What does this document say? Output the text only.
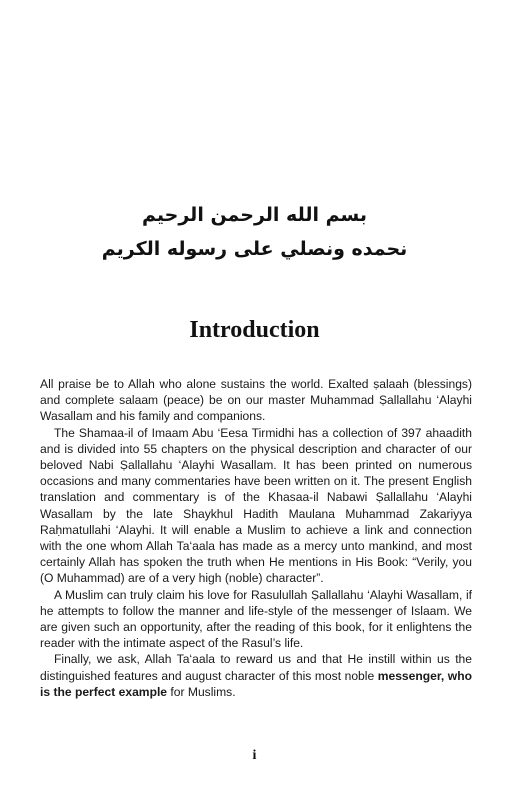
بسم الله الرحمن الرحيم
نحمده ونصلي على رسوله الكريم
Introduction

All praise be to Allah who alone sustains the world. Exalted ṣalaah (blessings) and complete salaam (peace) be on our master Muhammad Ṣallallahu ‘Alayhi Wasallam and his family and companions.

The Shamaa-il of Imaam Abu ‘Eesa Tirmidhi has a collection of 397 ahaadith and is divided into 55 chapters on the physical description and character of our beloved Nabi Ṣallallahu ‘Alayhi Wasallam. It has been printed on numerous occasions and many commentaries have been written on it. The present English translation and commentary is of the Khasaa-il Nabawi Ṣallallahu ‘Alayhi Wasallam by the late Shaykhul Hadith Maulana Muhammad Zakariyya Raḥmatullahi ‘Alayhi. It will enable a Muslim to achieve a link and connection with the one whom Allah Ta‘aala has made as a mercy unto mankind, and most certainly Allah has spoken the truth when He mentions in His Book: “Verily, you (O Muhammad) are of a very high (noble) character”.

A Muslim can truly claim his love for Rasulullah Ṣallallahu ‘Alayhi Wasallam, if he attempts to follow the manner and life-style of the messenger of Islaam. We are given such an opportunity, after the reading of this book, for it enlightens the reader with the intimate aspect of the Rasul’s life.

Finally, we ask, Allah Ta‘aala to reward us and that He instill within us the distinguished features and august character of this most noble messenger, who is the perfect example for Muslims.

i
